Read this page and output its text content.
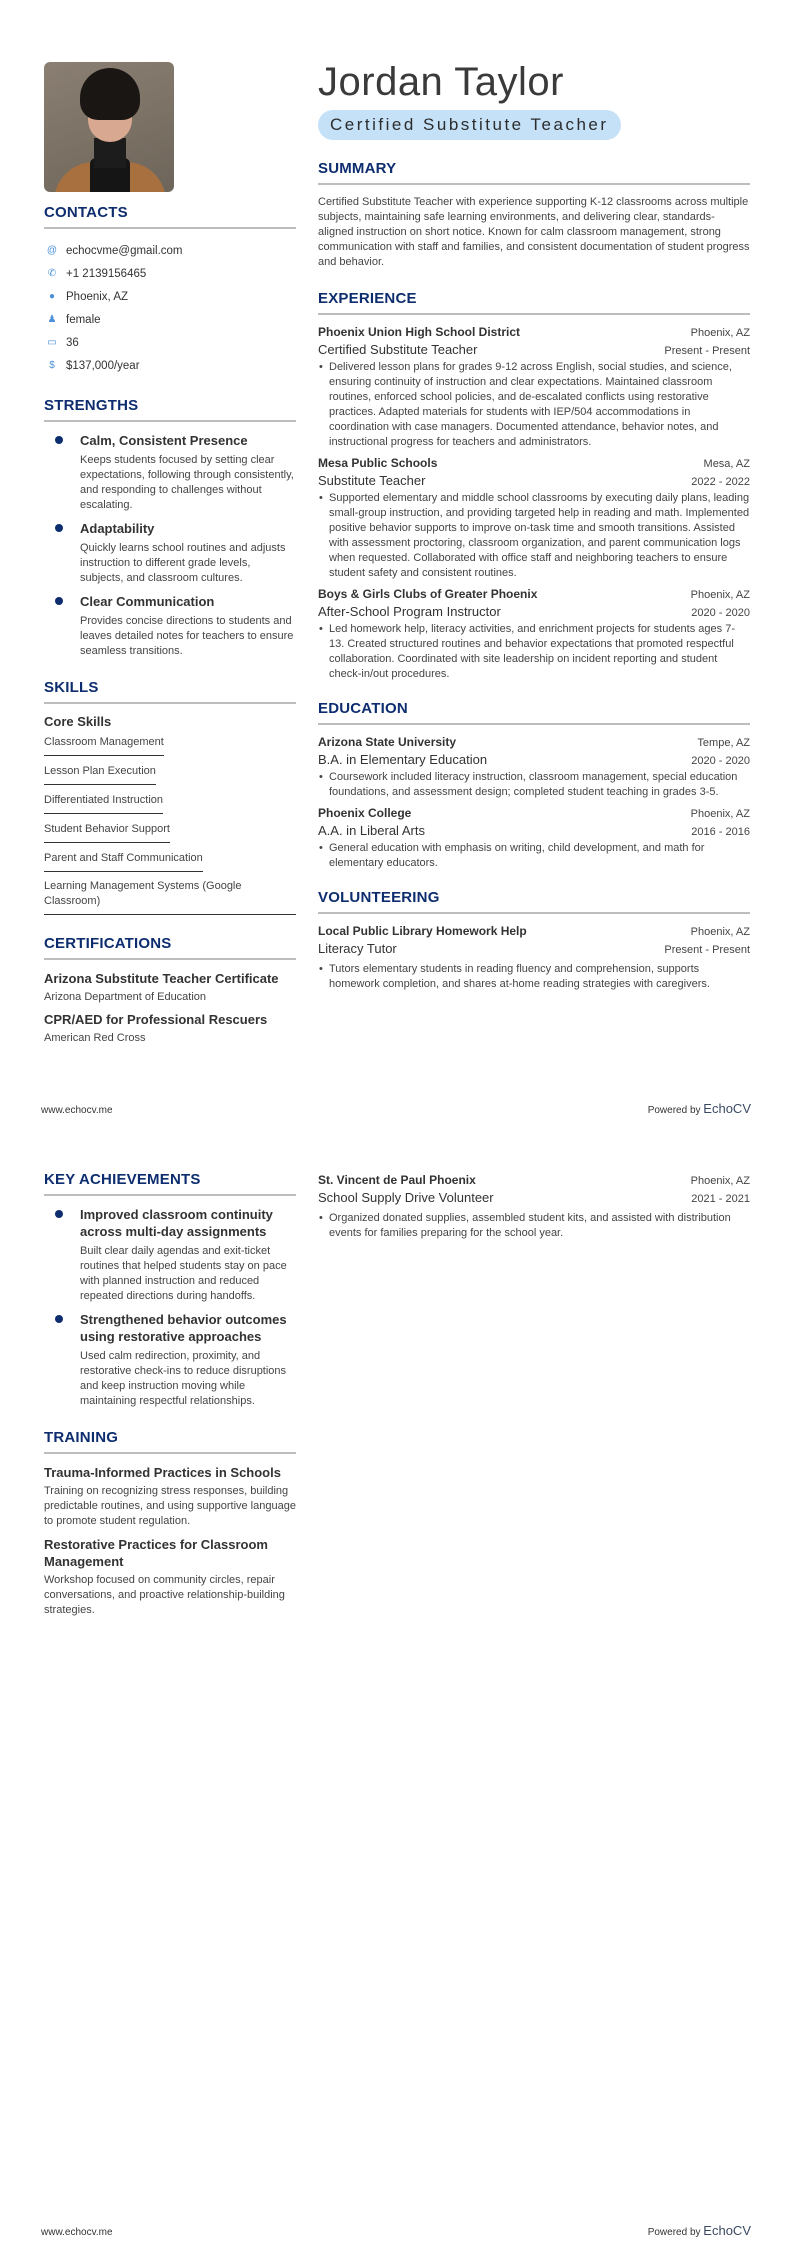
CONTACTS
@ echocvme@gmail.com
✆ +1 2139156465
● Phoenix, AZ
♟ female
▭ 36
$ $137,000/year
STRENGTHS
Calm, Consistent Presence
Keeps students focused by setting clear expectations, following through consistently, and responding to challenges without escalating.
Adaptability
Quickly learns school routines and adjusts instruction to different grade levels, subjects, and classroom cultures.
Clear Communication
Provides concise directions to students and leaves detailed notes for teachers to ensure seamless transitions.
SKILLS
Core Skills
Classroom Management
Lesson Plan Execution
Differentiated Instruction
Student Behavior Support
Parent and Staff Communication
Learning Management Systems (Google Classroom)
CERTIFICATIONS
Arizona Substitute Teacher Certificate
Arizona Department of Education
CPR/AED for Professional Rescuers
American Red Cross
Jordan Taylor
Certified Substitute Teacher
SUMMARY
Certified Substitute Teacher with experience supporting K-12 classrooms across multiple subjects, maintaining safe learning environments, and delivering clear, standards-aligned instruction on short notice. Known for calm classroom management, strong communication with staff and families, and consistent documentation of student progress and behavior.
EXPERIENCE
Phoenix Union High School District	Phoenix, AZ
Certified Substitute Teacher	Present - Present
• Delivered lesson plans for grades 9-12 across English, social studies, and science, ensuring continuity of instruction and clear expectations. Maintained classroom routines, enforced school policies, and de-escalated conflicts using restorative practices. Adapted materials for students with IEP/504 accommodations in coordination with case managers. Documented attendance, behavior notes, and instructional progress for teachers and administrators.
Mesa Public Schools	Mesa, AZ
Substitute Teacher	2022 - 2022
• Supported elementary and middle school classrooms by executing daily plans, leading small-group instruction, and providing targeted help in reading and math. Implemented positive behavior supports to improve on-task time and smooth transitions. Assisted with assessment proctoring, classroom organization, and parent communication logs when requested. Collaborated with office staff and neighboring teachers to ensure student safety and consistent routines.
Boys & Girls Clubs of Greater Phoenix	Phoenix, AZ
After-School Program Instructor	2020 - 2020
• Led homework help, literacy activities, and enrichment projects for students ages 7-13. Created structured routines and behavior expectations that promoted respectful collaboration. Coordinated with site leadership on incident reporting and student check-in/out procedures.
EDUCATION
Arizona State University	Tempe, AZ
B.A. in Elementary Education	2020 - 2020
• Coursework included literacy instruction, classroom management, special education foundations, and assessment design; completed student teaching in grades 3-5.
Phoenix College	Phoenix, AZ
A.A. in Liberal Arts	2016 - 2016
• General education with emphasis on writing, child development, and math for elementary educators.
VOLUNTEERING
Local Public Library Homework Help	Phoenix, AZ
Literacy Tutor	Present - Present
• Tutors elementary students in reading fluency and comprehension, supports homework completion, and shares at-home reading strategies with caregivers.
www.echocv.me	Powered by EchoCV
KEY ACHIEVEMENTS
Improved classroom continuity across multi-day assignments
Built clear daily agendas and exit-ticket routines that helped students stay on pace with planned instruction and reduced repeated directions during handoffs.
Strengthened behavior outcomes using restorative approaches
Used calm redirection, proximity, and restorative check-ins to reduce disruptions and keep instruction moving while maintaining respectful relationships.
TRAINING
Trauma-Informed Practices in Schools
Training on recognizing stress responses, building predictable routines, and using supportive language to promote student regulation.
Restorative Practices for Classroom Management
Workshop focused on community circles, repair conversations, and proactive relationship-building strategies.
St. Vincent de Paul Phoenix	Phoenix, AZ
School Supply Drive Volunteer	2021 - 2021
• Organized donated supplies, assembled student kits, and assisted with distribution events for families preparing for the school year.
www.echocv.me	Powered by EchoCV
